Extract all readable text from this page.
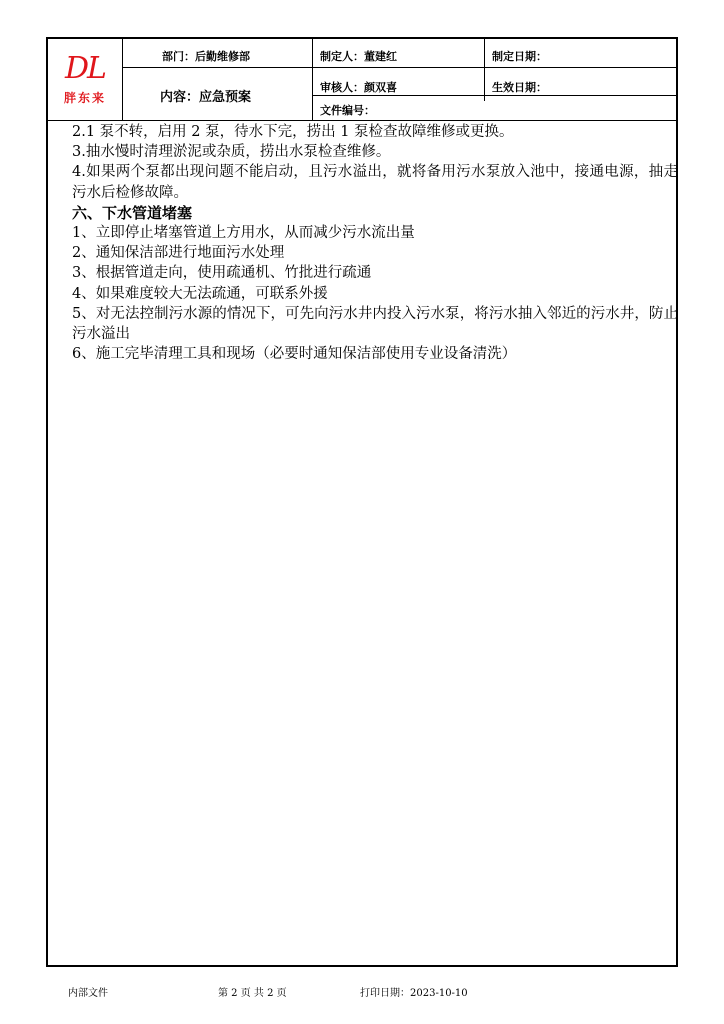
DL
胖东来
部门：后勤维修部
内容：应急预案
制定人：董建红
审核人：颜双喜
文件编号：
制定日期：
生效日期：

2.1 泵不转，启用 2 泵，待水下完，捞出 1 泵检查故障维修或更换。

3.抽水慢时清理淤泥或杂质，捞出水泵检查维修。

4.如果两个泵都出现问题不能启动，且污水溢出，就将备用污水泵放入池中，接通电源，抽走污水后检修故障。

六、下水管道堵塞

1、立即停止堵塞管道上方用水，从而减少污水流出量

2、通知保洁部进行地面污水处理

3、根据管道走向，使用疏通机、竹批进行疏通

4、如果难度较大无法疏通，可联系外援

5、对无法控制污水源的情况下，可先向污水井内投入污水泵，将污水抽入邻近的污水井，防止污水溢出

6、施工完毕清理工具和现场（必要时通知保洁部使用专业设备清洗）

内部文件	第 2 页 共 2 页	打印日期：2023-10-10
